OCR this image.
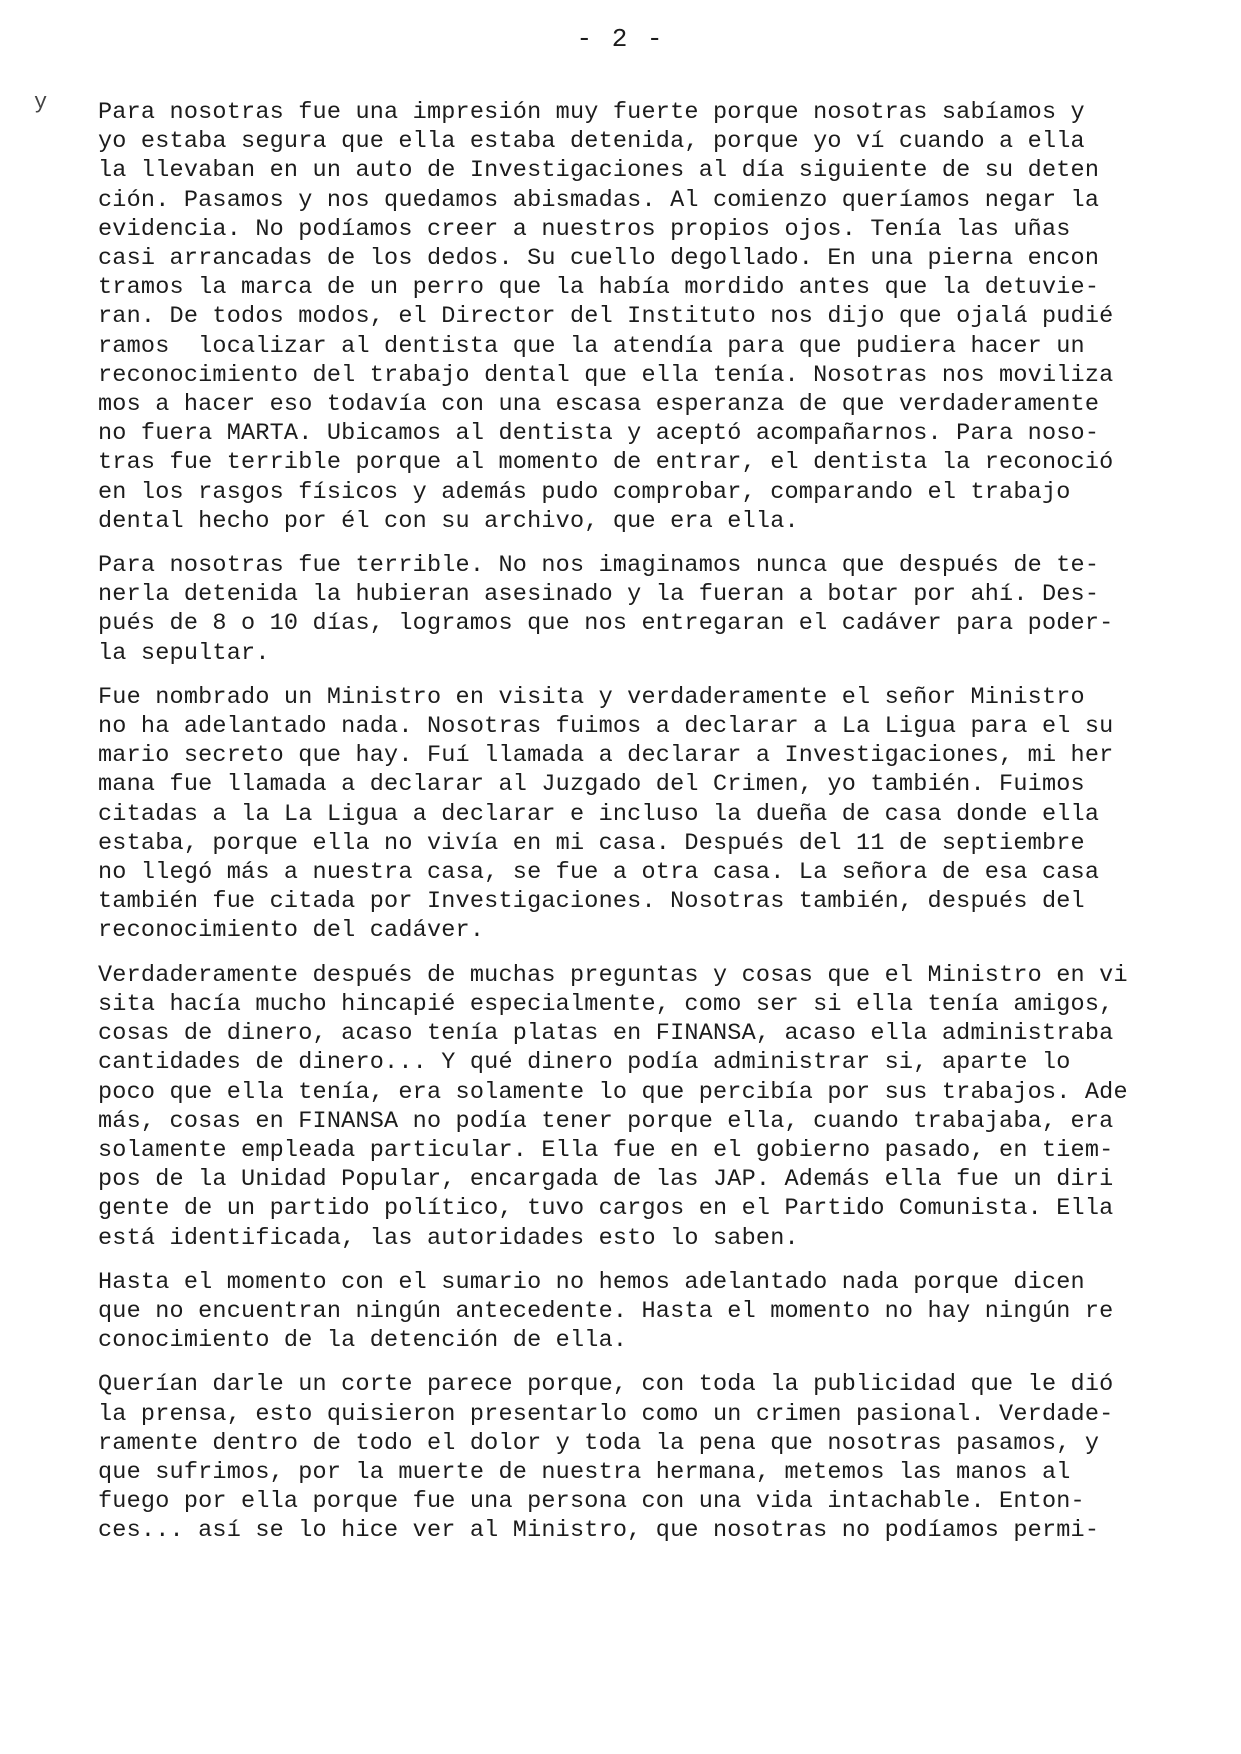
- 2 -
y Para nosotras fue una impresión muy fuerte porque nosotras sabíamos y
yo estaba segura que ella estaba detenida, porque yo ví cuando a ella
la llevaban en un auto de Investigaciones al día siguiente de su deten
ción. Pasamos y nos quedamos abismadas. Al comienzo queríamos negar la
evidencia. No podíamos creer a nuestros propios ojos. Tenía las uñas
casi arrancadas de los dedos. Su cuello degollado. En una pierna encon
tramos la marca de un perro que la había mordido antes que la detuvie-
ran. De todos modos, el Director del Instituto nos dijo que ojalá pudié
ramos  localizar al dentista que la atendía para que pudiera hacer un
reconocimiento del trabajo dental que ella tenía. Nosotras nos moviliza
mos a hacer eso todavía con una escasa esperanza de que verdaderamente
no fuera MARTA. Ubicamos al dentista y aceptó acompañarnos. Para noso-
tras fue terrible porque al momento de entrar, el dentista la reconoció
en los rasgos físicos y además pudo comprobar, comparando el trabajo
dental hecho por él con su archivo, que era ella.
Para nosotras fue terrible. No nos imaginamos nunca que después de te-
nerla detenida la hubieran asesinado y la fueran a botar por ahí. Des-
pués de 8 o 10 días, logramos que nos entregaran el cadáver para poder-
la sepultar.
Fue nombrado un Ministro en visita y verdaderamente el señor Ministro
no ha adelantado nada. Nosotras fuimos a declarar a La Ligua para el su
mario secreto que hay. Fuí llamada a declarar a Investigaciones, mi her
mana fue llamada a declarar al Juzgado del Crimen, yo también. Fuimos
citadas a la La Ligua a declarar e incluso la dueña de casa donde ella
estaba, porque ella no vivía en mi casa. Después del 11 de septiembre
no llegó más a nuestra casa, se fue a otra casa. La señora de esa casa
también fue citada por Investigaciones. Nosotras también, después del
reconocimiento del cadáver.
Verdaderamente después de muchas preguntas y cosas que el Ministro en vi
sita hacía mucho hincapié especialmente, como ser si ella tenía amigos,
cosas de dinero, acaso tenía platas en FINANSA, acaso ella administraba
cantidades de dinero... Y qué dinero podía administrar si, aparte lo
poco que ella tenía, era solamente lo que percibía por sus trabajos. Ade
más, cosas en FINANSA no podía tener porque ella, cuando trabajaba, era
solamente empleada particular. Ella fue en el gobierno pasado, en tiem-
pos de la Unidad Popular, encargada de las JAP. Además ella fue un diri
gente de un partido político, tuvo cargos en el Partido Comunista. Ella
está identificada, las autoridades esto lo saben.
Hasta el momento con el sumario no hemos adelantado nada porque dicen
que no encuentran ningún antecedente. Hasta el momento no hay ningún re
conocimiento de la detención de ella.
Querían darle un corte parece porque, con toda la publicidad que le dió
la prensa, esto quisieron presentarlo como un crimen pasional. Verdade-
ramente dentro de todo el dolor y toda la pena que nosotras pasamos, y
que sufrimos, por la muerte de nuestra hermana, metemos las manos al
fuego por ella porque fue una persona con una vida intachable. Enton-
ces... así se lo hice ver al Ministro, que nosotras no podíamos permi-
